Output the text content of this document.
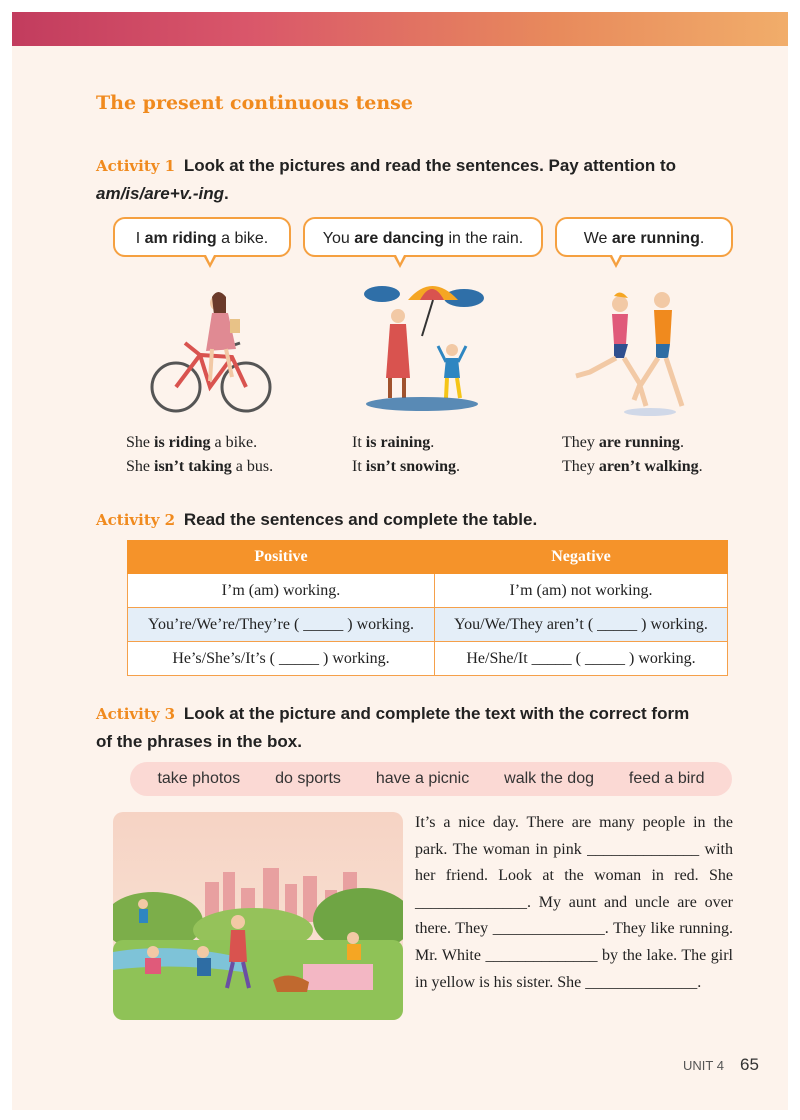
The present continuous tense
Activity 1 Look at the pictures and read the sentences. Pay attention to
am/is/are+v.-ing.
I am riding a bike.	You are dancing in the rain.	We are running.
She is riding a bike.
She isn’t taking a bus.
It is raining.
It isn’t snowing.
They are running.
They aren’t walking.
Activity 2 Read the sentences and complete the table.
Positive	Negative
I’m (am) working.	I’m (am) not working.
You’re/We’re/They’re ( _____ ) working.	You/We/They aren’t ( _____ ) working.
He’s/She’s/It’s ( _____ ) working.	He/She/It _____ ( _____ ) working.
Activity 3 Look at the picture and complete the text with the correct form
of the phrases in the box.
take photos do sports have a picnic walk the dog feed a bird
It’s a nice day. There are many people in the park. The woman in pink ______________ with her friend. Look at the woman in red. She ______________. My aunt and uncle are over there. They ______________. They like running. Mr. White ______________ by the lake. The girl in yellow is his sister. She ______________.
UNIT 4 65
